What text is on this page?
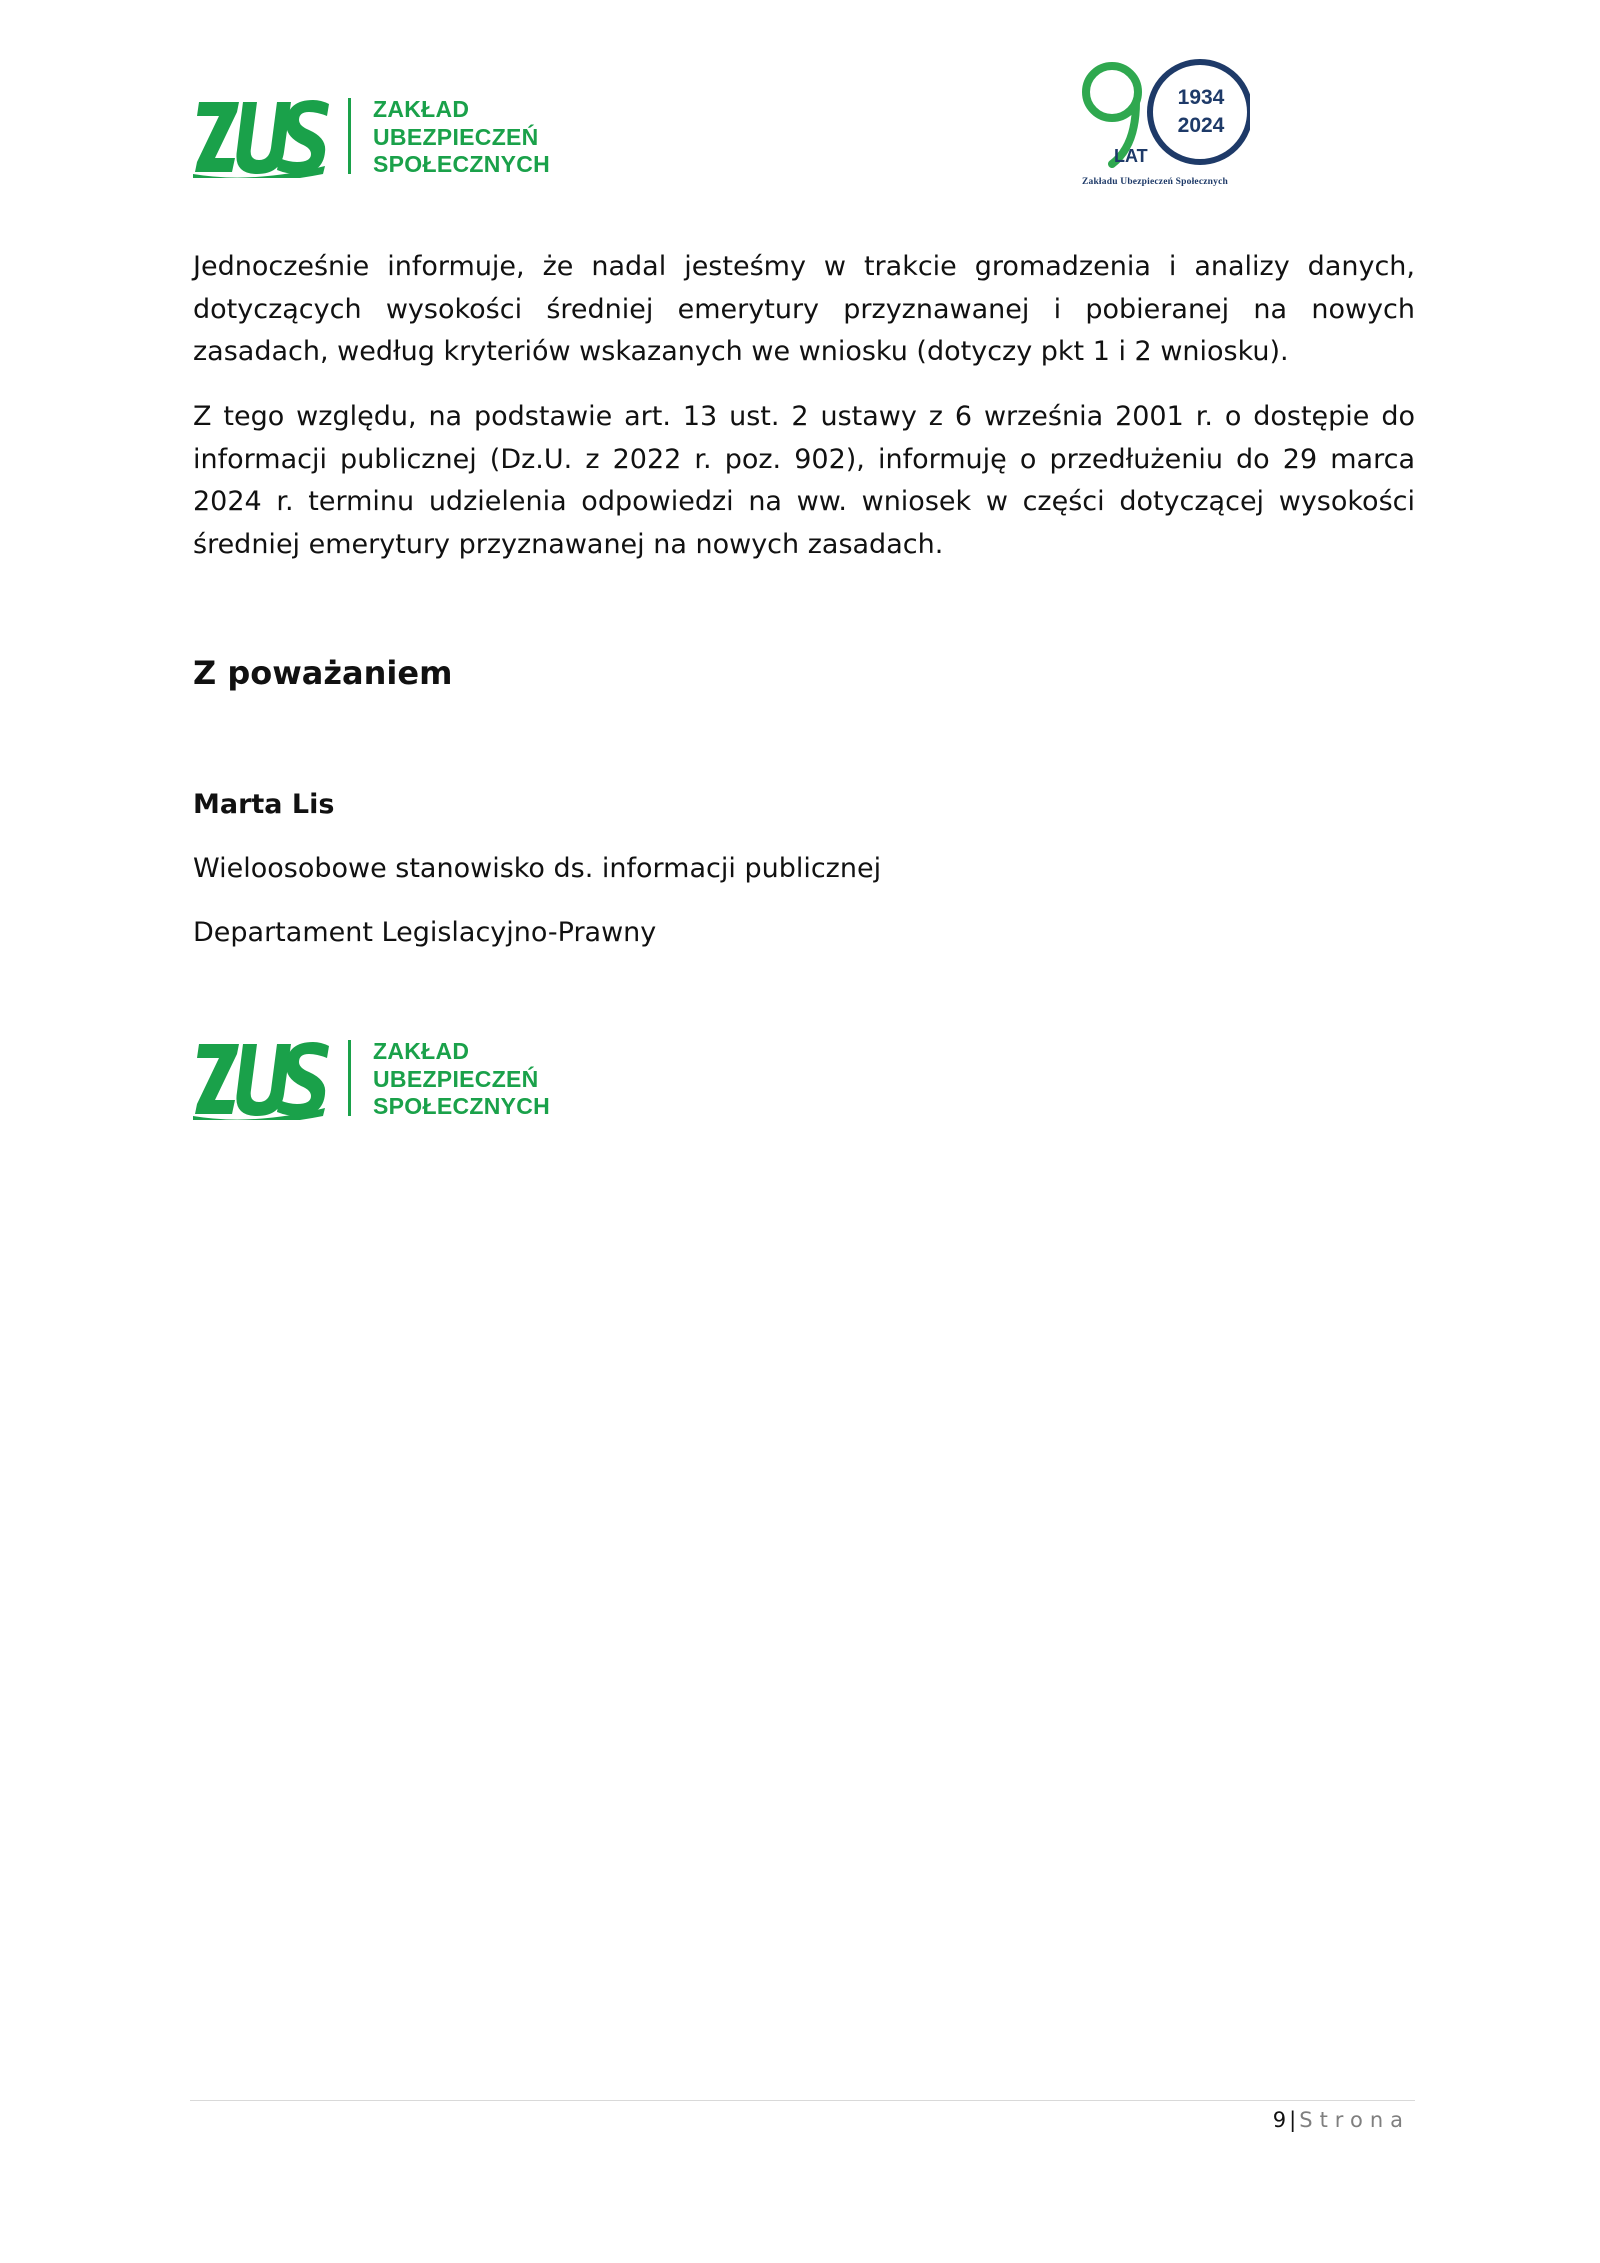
ZAKŁAD
UBEZPIECZEŃ
SPOŁECZNYCH
1934
2024
LAT
Zakładu Ubezpieczeń Społecznych
Jednocześnie informuje, że nadal jesteśmy w trakcie gromadzenia i analizy danych, dotyczących wysokości średniej emerytury przyznawanej i pobieranej na nowych zasadach, według kryteriów wskazanych we wniosku (dotyczy pkt 1 i 2 wniosku).
Z tego względu, na podstawie art. 13 ust. 2 ustawy z 6 września 2001 r. o dostępie do informacji publicznej (Dz.U. z 2022 r. poz. 902), informuję o przedłużeniu do 29 marca 2024 r. terminu udzielenia odpowiedzi na ww. wniosek w części dotyczącej wysokości średniej emerytury przyznawanej na nowych zasadach.
Z poważaniem
Marta Lis
Wieloosobowe stanowisko ds. informacji publicznej
Departament Legislacyjno-Prawny
ZAKŁAD
UBEZPIECZEŃ
SPOŁECZNYCH
9 | Strona
